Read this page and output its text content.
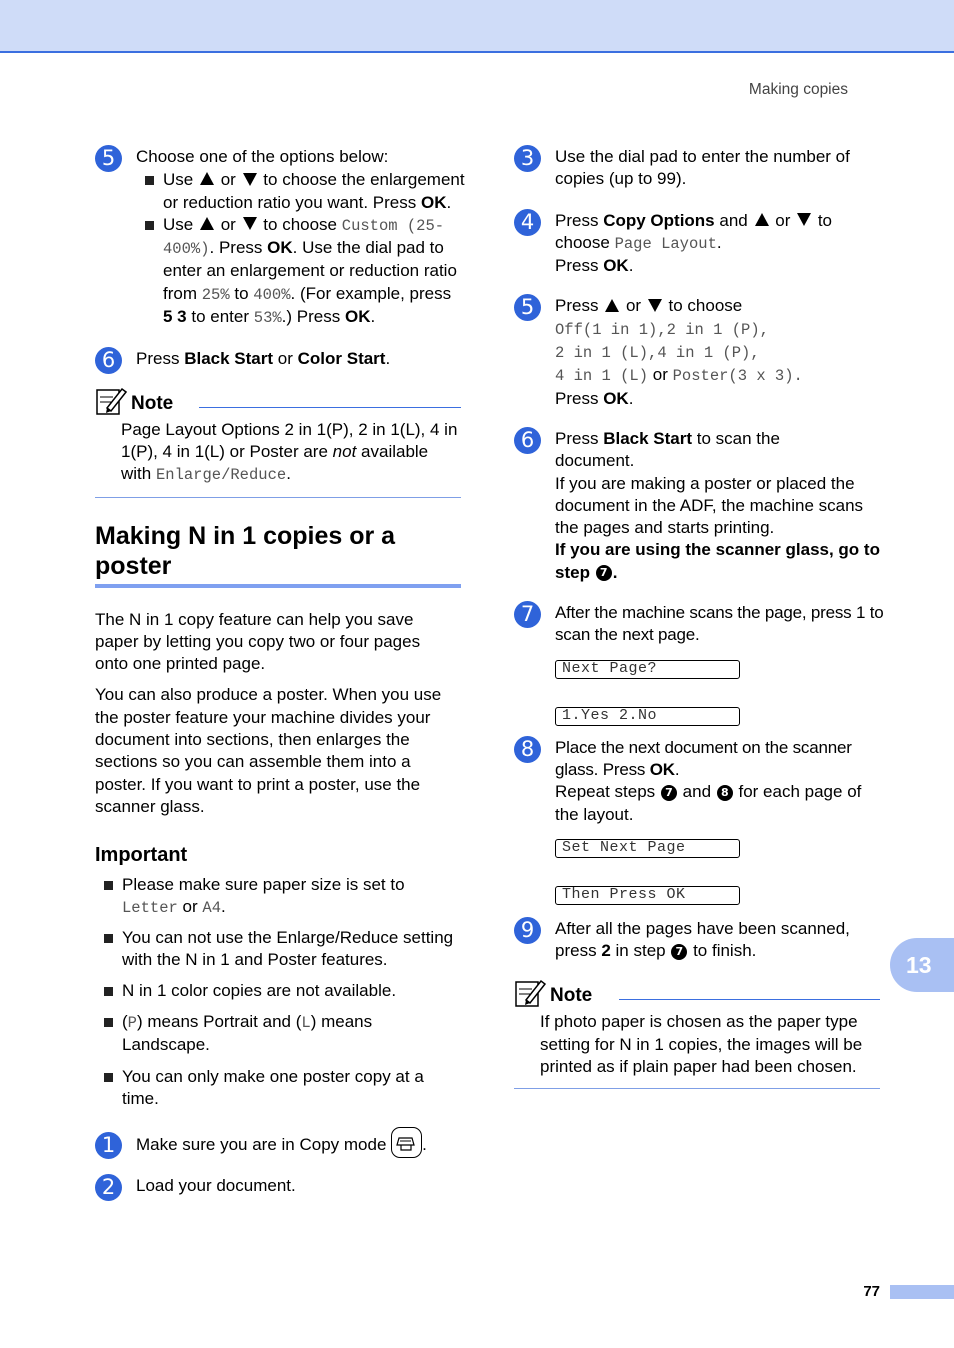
Making copies
5	Choose one of the options below:
Use or to choose the enlargement or reduction ratio you want. Press OK.
Use or to choose Custom (25-400%). Press OK. Use the dial pad to enter an enlargement or reduction ratio from 25% to 400%. (For example, press 5 3 to enter 53%.) Press OK.
6	Press Black Start or Color Start.
Note
Page Layout Options 2 in 1(P), 2 in 1(L), 4 in 1(P), 4 in 1(L) or Poster are not available with Enlarge/Reduce.
Making N in 1 copies or a poster

The N in 1 copy feature can help you save paper by letting you copy two or four pages onto one printed page.

You can also produce a poster. When you use the poster feature your machine divides your document into sections, then enlarges the sections so you can assemble them into a poster. If you want to print a poster, use the scanner glass.

Important
Please make sure paper size is set to Letter or A4.
You can not use the Enlarge/Reduce setting with the N in 1 and Poster features.
N in 1 color copies are not available.
(P) means Portrait and (L) means Landscape.
You can only make one poster copy at a time.
1	Make sure you are in Copy mode .
2	Load your document.
3	Use the dial pad to enter the number of copies (up to 99).
4	Press Copy Options and or to choose Page Layout.
Press OK.
5	Press or to choose
Off(1 in 1),2 in 1 (P),
2 in 1 (L),4 in 1 (P),
4 in 1 (L) or Poster(3 x 3).
Press OK.
6	Press Black Start to scan the document.
If you are making a poster or placed the document in the ADF, the machine scans the pages and starts printing.
If you are using the scanner glass, go to step 7 .
7	After the machine scans the page, press 1 to scan the next page.
Next Page?
1.Yes 2.No
8	Place the next document on the scanner glass. Press OK.
Repeat steps 7 and 8 for each page of the layout.
Set Next Page
Then Press OK
9	After all the pages have been scanned, press 2 in step 7 to finish.
Note
If photo paper is chosen as the paper type setting for N in 1 copies, the images will be printed as if plain paper had been chosen.
13
77
